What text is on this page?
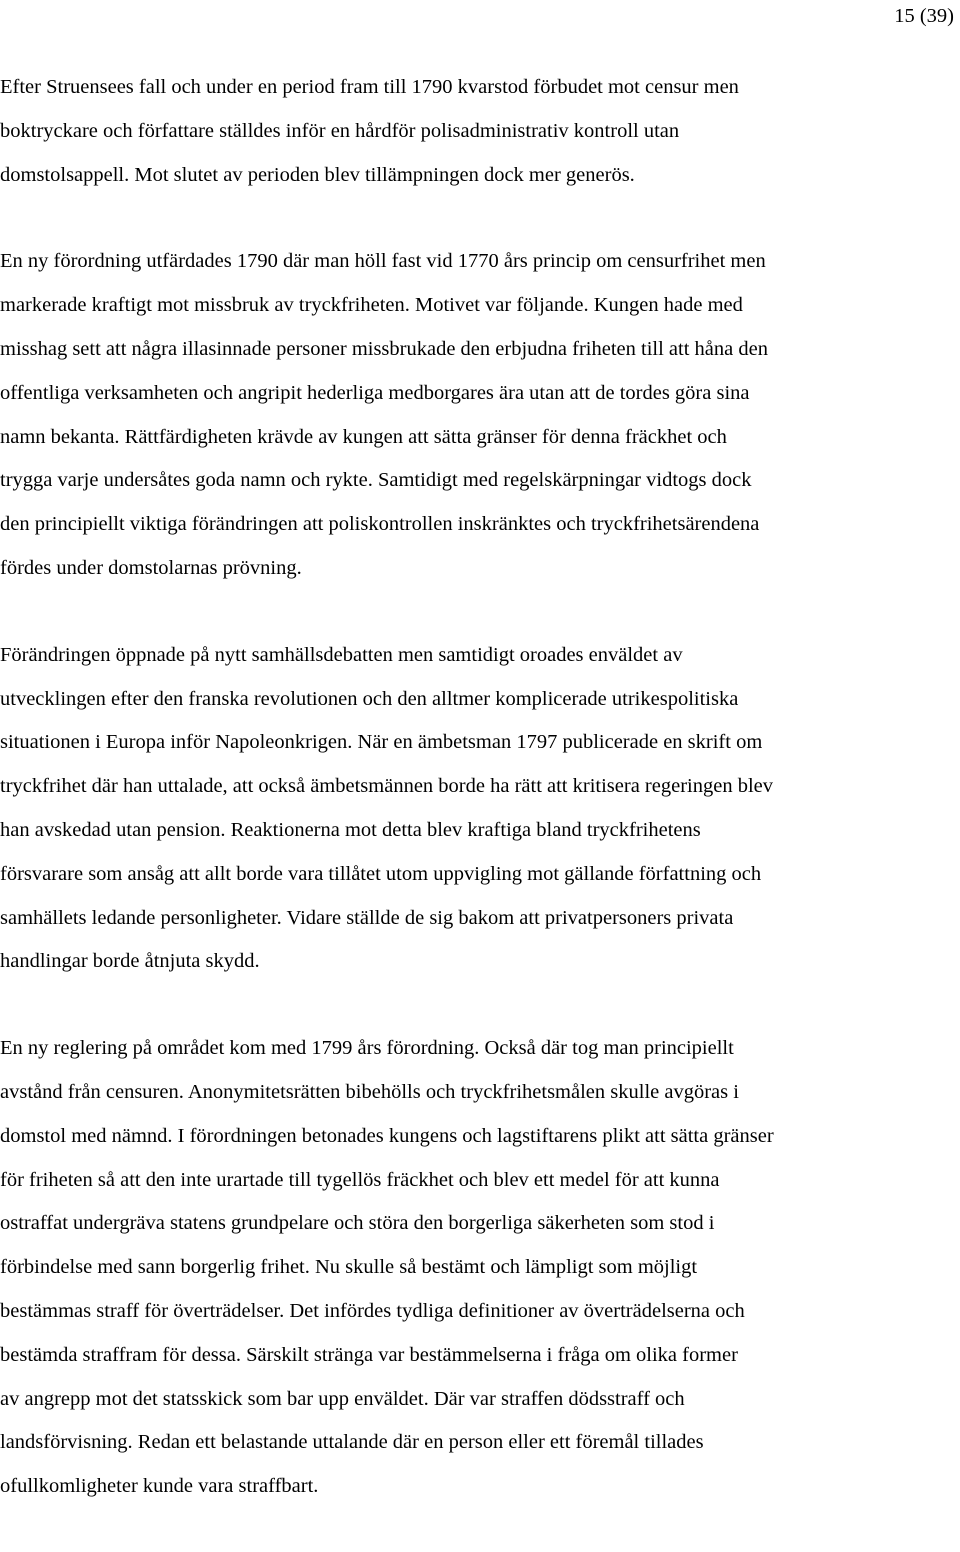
15 (39)

Efter Struensees fall och under en period fram till 1790 kvarstod förbudet mot censur men
boktryckare och författare ställdes inför en hårdför polisadministrativ kontroll utan
domstolsappell. Mot slutet av perioden blev tillämpningen dock mer generös.

En ny förordning utfärdades 1790 där man höll fast vid 1770 års princip om censurfrihet men
markerade kraftigt mot missbruk av tryckfriheten. Motivet var följande. Kungen hade med
misshag sett att några illasinnade personer missbrukade den erbjudna friheten till att håna den
offentliga verksamheten och angripit hederliga medborgares ära utan att de tordes göra sina
namn bekanta. Rättfärdigheten krävde av kungen att sätta gränser för denna fräckhet och
trygga varje undersåtes goda namn och rykte. Samtidigt med regelskärpningar vidtogs dock
den principiellt viktiga förändringen att poliskontrollen inskränktes och tryckfrihetsärendena
fördes under domstolarnas prövning.

Förändringen öppnade på nytt samhällsdebatten men samtidigt oroades enväldet av
utvecklingen efter den franska revolutionen och den alltmer komplicerade utrikespolitiska
situationen i Europa inför Napoleonkrigen. När en ämbetsman 1797 publicerade en skrift om
tryckfrihet där han uttalade, att också ämbetsmännen borde ha rätt att kritisera regeringen blev
han avskedad utan pension. Reaktionerna mot detta blev kraftiga bland tryckfrihetens
försvarare som ansåg att allt borde vara tillåtet utom uppvigling mot gällande författning och
samhällets ledande personligheter. Vidare ställde de sig bakom att privatpersoners privata
handlingar borde åtnjuta skydd.

En ny reglering på området kom med 1799 års förordning. Också där tog man principiellt
avstånd från censuren. Anonymitetsrätten bibehölls och tryckfrihetsmålen skulle avgöras i
domstol med nämnd. I förordningen betonades kungens och lagstiftarens plikt att sätta gränser
för friheten så att den inte urartade till tygellös fräckhet och blev ett medel för att kunna
ostraffat undergräva statens grundpelare och störa den borgerliga säkerheten som stod i
förbindelse med sann borgerlig frihet. Nu skulle så bestämt och lämpligt som möjligt
bestämmas straff för överträdelser. Det infördes tydliga definitioner av överträdelserna och
bestämda straffram för dessa. Särskilt stränga var bestämmelserna i fråga om olika former
av angrepp mot det statsskick som bar upp enväldet. Där var straffen dödsstraff och
landsförvisning. Redan ett belastande uttalande där en person eller ett föremål tillades
ofullkomligheter kunde vara straffbart.
